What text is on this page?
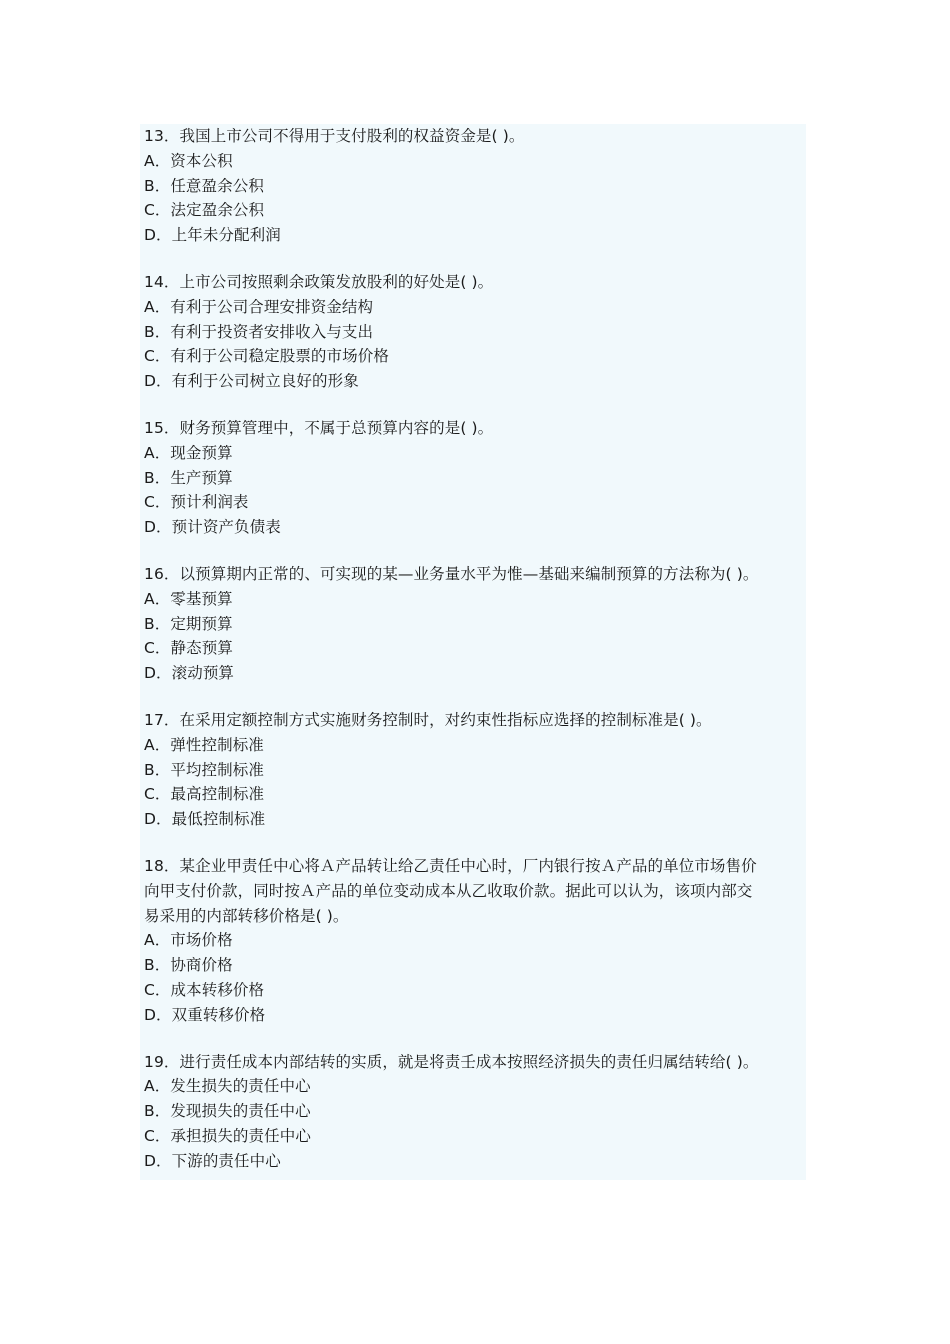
13．我国上市公司不得用于支付股利的权益资金是( )。
A．资本公积
B．任意盈余公积
C．法定盈余公积
D．上年未分配利润
14．上市公司按照剩余政策发放股利的好处是( )。
A．有利于公司合理安排资金结构
B．有利于投资者安排收入与支出
C．有利于公司稳定股票的市场价格
D．有利于公司树立良好的形象
15．财务预算管理中，不属于总预算内容的是( )。
A．现金预算
B．生产预算
C．预计利润表
D．预计资产负债表
16．以预算期内正常的、可实现的某—业务量水平为惟—基础来编制预算的方法称为( )。
A．零基预算
B．定期预算
C．静态预算
D．滚动预算
17．在采用定额控制方式实施财务控制时，对约束性指标应选择的控制标准是( )。
A．弹性控制标准
B．平均控制标准
C．最高控制标准
D．最低控制标准
18．某企业甲责任中心将Ａ产品转让给乙责任中心时，厂内银行按Ａ产品的单位市场售价
向甲支付价款，同时按Ａ产品的单位变动成本从乙收取价款。据此可以认为，该项内部交
易采用的内部转移价格是( )。
A．市场价格
B．协商价格
C．成本转移价格
D．双重转移价格
19．进行责任成本内部结转的实质，就是将责壬成本按照经济损失的责任归属结转给( )。
A．发生损失的责任中心
B．发现损失的责任中心
C．承担损失的责任中心
D．下游的责任中心
